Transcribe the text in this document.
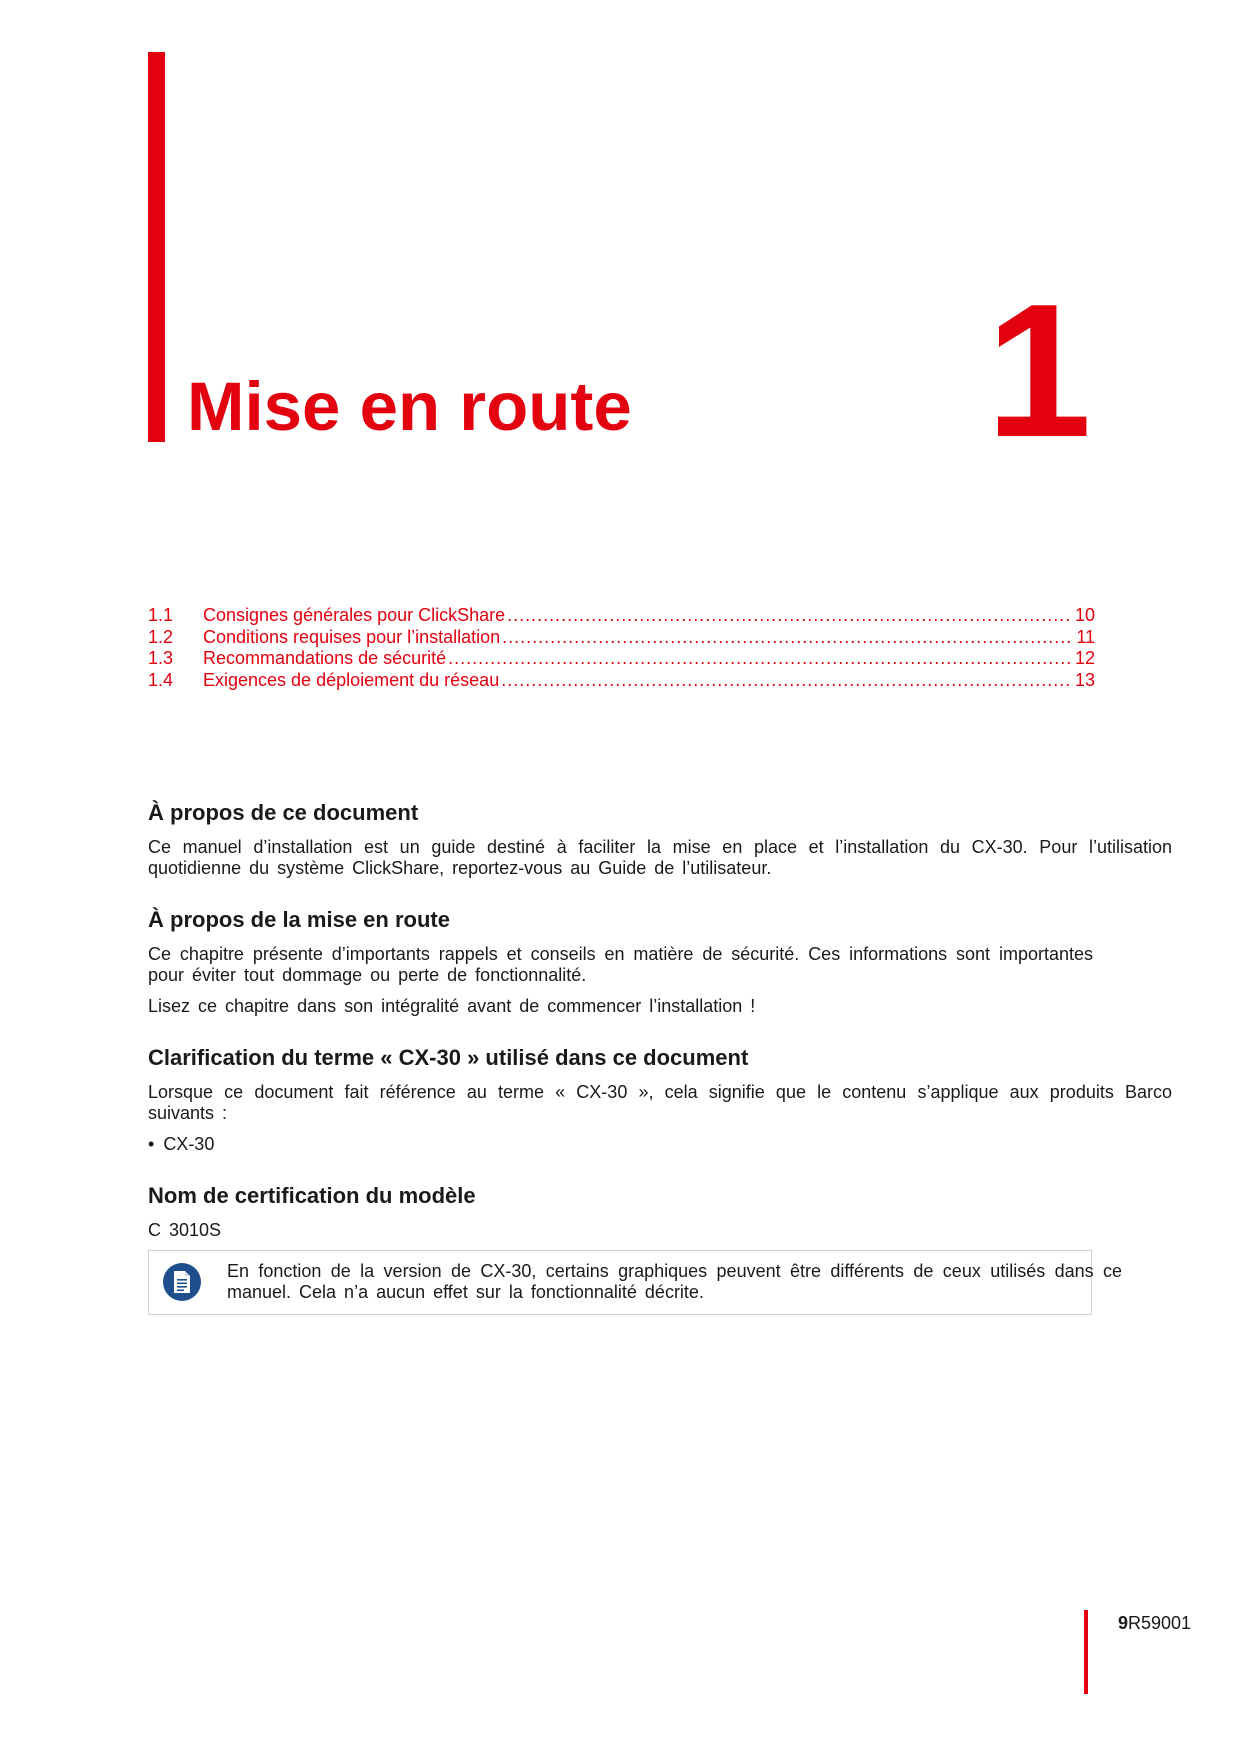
Mise en route 1
1.1	Consignes générales pour ClickShare .....	10
1.2	Conditions requises pour l’installation .....	11
1.3	Recommandations de sécurité .....	12
1.4	Exigences de déploiement du réseau .....	13
À propos de ce document

Ce manuel d’installation est un guide destiné à faciliter la mise en place et l’installation du CX-30. Pour l’utilisation quotidienne du système ClickShare, reportez-vous au Guide de l’utilisateur.

À propos de la mise en route

Ce chapitre présente d’importants rappels et conseils en matière de sécurité. Ces informations sont importantes pour éviter tout dommage ou perte de fonctionnalité.

Lisez ce chapitre dans son intégralité avant de commencer l’installation !

Clarification du terme « CX-30 » utilisé dans ce document

Lorsque ce document fait référence au terme « CX-30 », cela signifie que le contenu s’applique aux produits Barco suivants :

• CX-30
Nom de certification du modèle

C 3010S

En fonction de la version de CX-30, certains graphiques peuvent être différents de ceux utilisés dans ce manuel. Cela n’a aucun effet sur la fonctionnalité décrite.
9R59001
